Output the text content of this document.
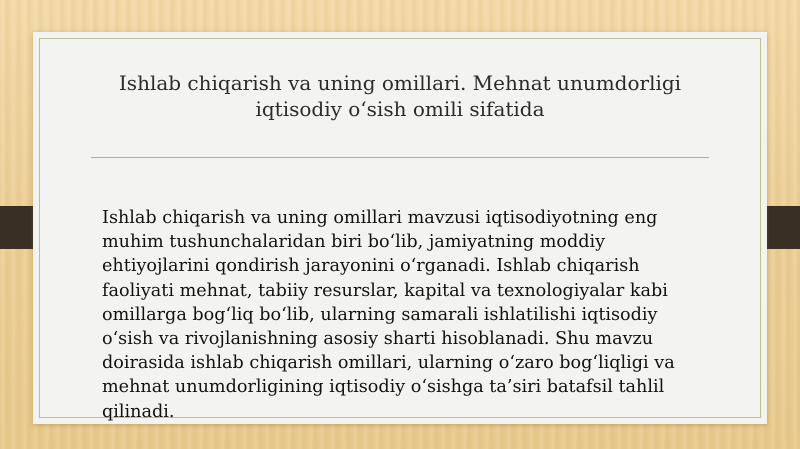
Ishlab chiqarish va uning omillari. Mehnat unumdorligi
iqtisodiy o‘sish omili sifatida
Ishlab chiqarish va uning omillari mavzusi iqtisodiyotning eng
muhim tushunchalaridan biri bo‘lib, jamiyatning moddiy
ehtiyojlarini qondirish jarayonini o‘rganadi. Ishlab chiqarish
faoliyati mehnat, tabiiy resurslar, kapital va texnologiyalar kabi
omillarga bog‘liq bo‘lib, ularning samarali ishlatilishi iqtisodiy
o‘sish va rivojlanishning asosiy sharti hisoblanadi. Shu mavzu
doirasida ishlab chiqarish omillari, ularning o‘zaro bog‘liqligi va
mehnat unumdorligining iqtisodiy o‘sishga ta’siri batafsil tahlil
qilinadi.
